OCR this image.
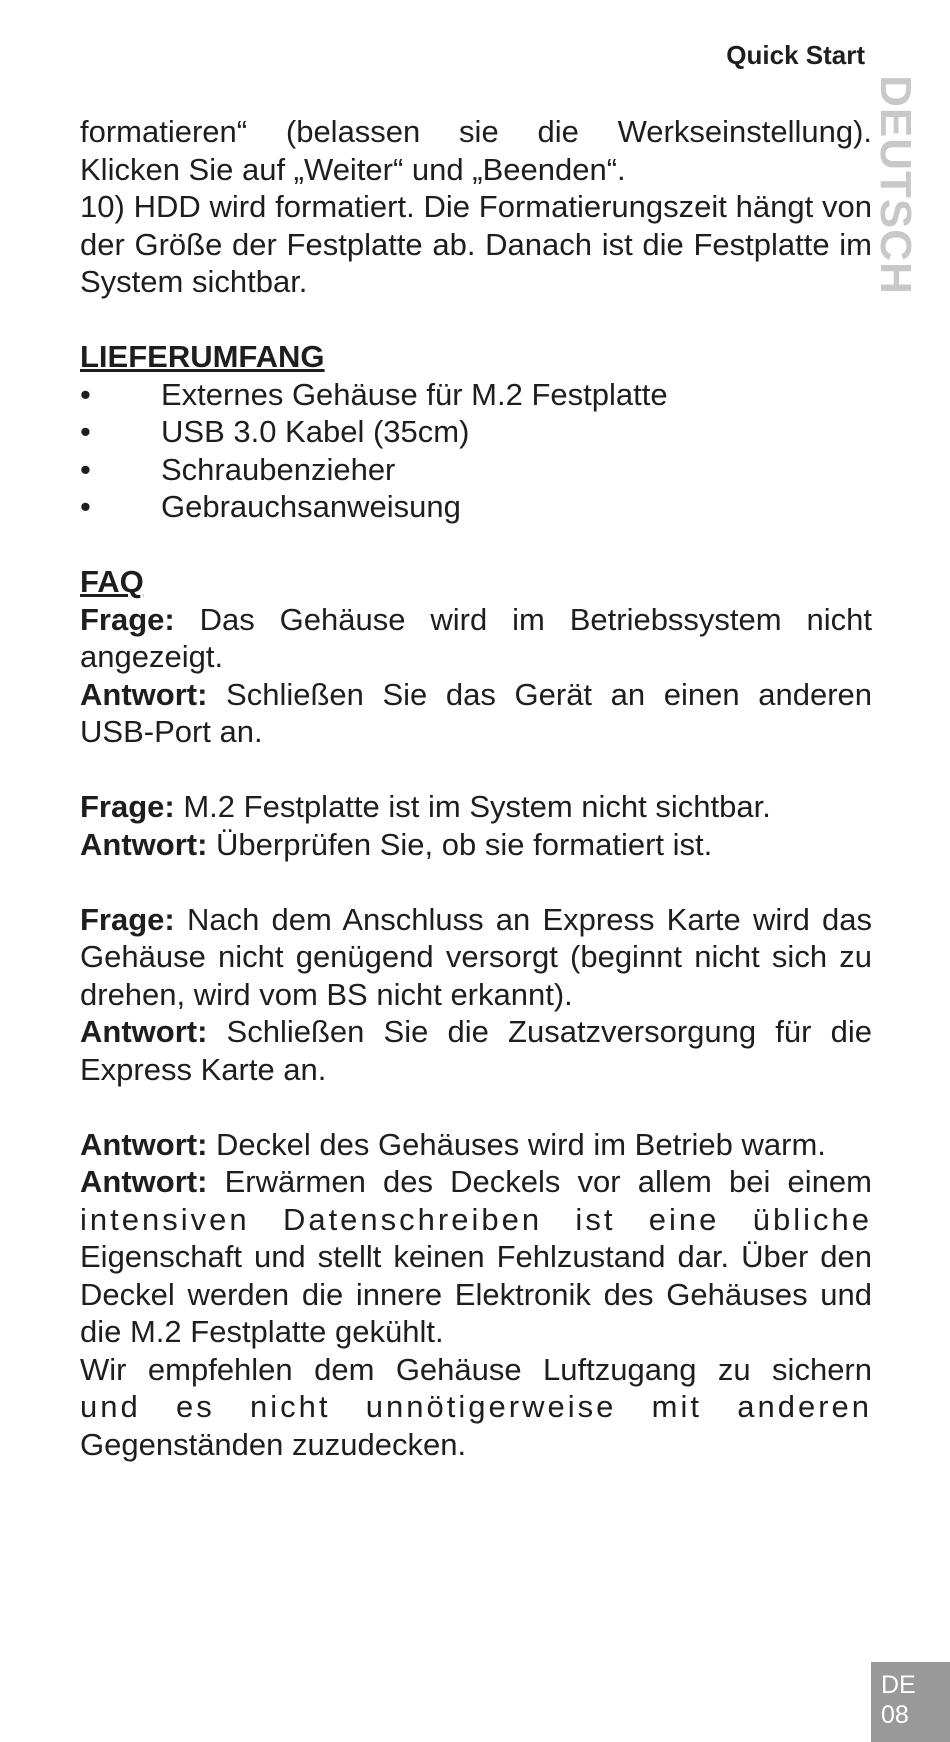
Quick Start
DEUTSCH

formatieren“ (belassen sie die Werkseinstellung).

Klicken Sie auf „Weiter“ und „Beenden“.

10) HDD wird formatiert. Die Formatierungszeit hängt von der Größe der Festplatte ab. Danach ist die Festplatte im System sichtbar.

LIEFERUMFANG
• Externes Gehäuse für M.2 Festplatte
• USB 3.0 Kabel (35cm)
• Schraubenzieher
• Gebrauchsanweisung
FAQ

Frage: Das Gehäuse wird im Betriebssystem nicht angezeigt.

Antwort: Schließen Sie das Gerät an einen anderen USB-Port an.

Frage: M.2 Festplatte ist im System nicht sichtbar.

Antwort: Überprüfen Sie, ob sie formatiert ist.

Frage: Nach dem Anschluss an Express Karte wird das Gehäuse nicht genügend versorgt (beginnt nicht sich zu drehen, wird vom BS nicht erkannt).

Antwort: Schließen Sie die Zusatzversorgung für die Express Karte an.

Antwort: Deckel des Gehäuses wird im Betrieb warm.

Antwort: Erwärmen des Deckels vor allem bei einem

intensiven Datenschreiben ist eine übliche

Eigenschaft und stellt keinen Fehlzustand dar. Über den Deckel werden die innere Elektronik des Gehäuses und die M.2 Festplatte gekühlt.

Wir empfehlen dem Gehäuse Luftzugang zu sichern

und es nicht unnötigerweise mit anderen

Gegenständen zuzudecken.

DE
08
